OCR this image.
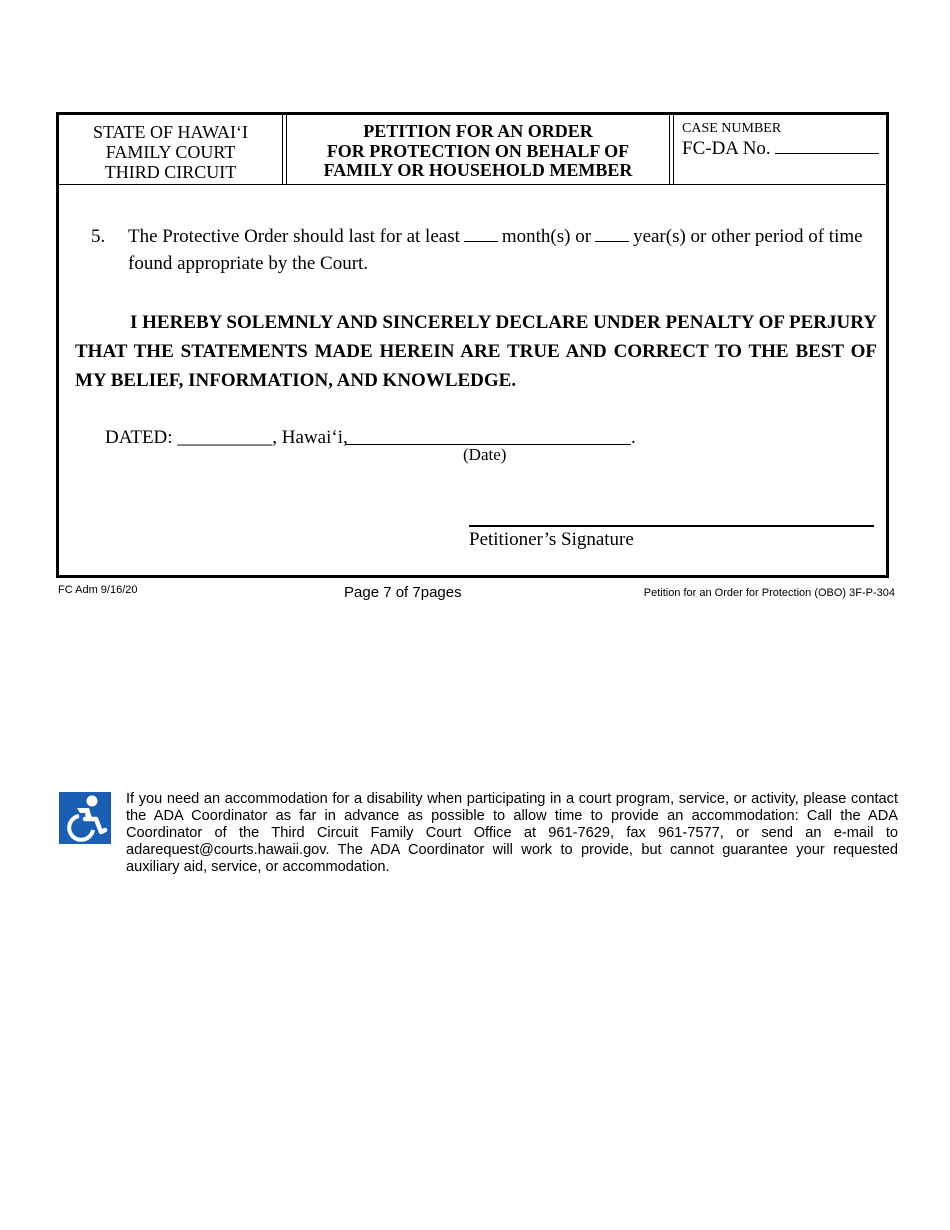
STATE OF HAWAI‘I
FAMILY COURT
THIRD CIRCUIT
PETITION FOR AN ORDER
FOR PROTECTION ON BEHALF OF
FAMILY OR HOUSEHOLD MEMBER
CASE NUMBER
FC-DA No.
5. The Protective Order should last for at least month(s) or year(s) or other period of time found appropriate by the Court.
I HEREBY SOLEMNLY AND SINCERELY DECLARE UNDER PENALTY OF PERJURY THAT THE STATEMENTS MADE HEREIN ARE TRUE AND CORRECT TO THE BEST OF MY BELIEF, INFORMATION, AND KNOWLEDGE.
DATED: __________, Hawai‘i,	.
(Date)
Petitioner’s Signature
FC Adm 9/16/20	Page 7 of 7pages	Petition for an Order for Protection (OBO) 3F-P-304
If you need an accommodation for a disability when participating in a court program, service, or activity, please contact the ADA Coordinator as far in advance as possible to allow time to provide an accommodation: Call the ADA Coordinator of the Third Circuit Family Court Office at 961-7629, fax 961-7577, or send an e-mail to adarequest@courts.hawaii.gov. The ADA Coordinator will work to provide, but cannot guarantee your requested auxiliary aid, service, or accommodation.
